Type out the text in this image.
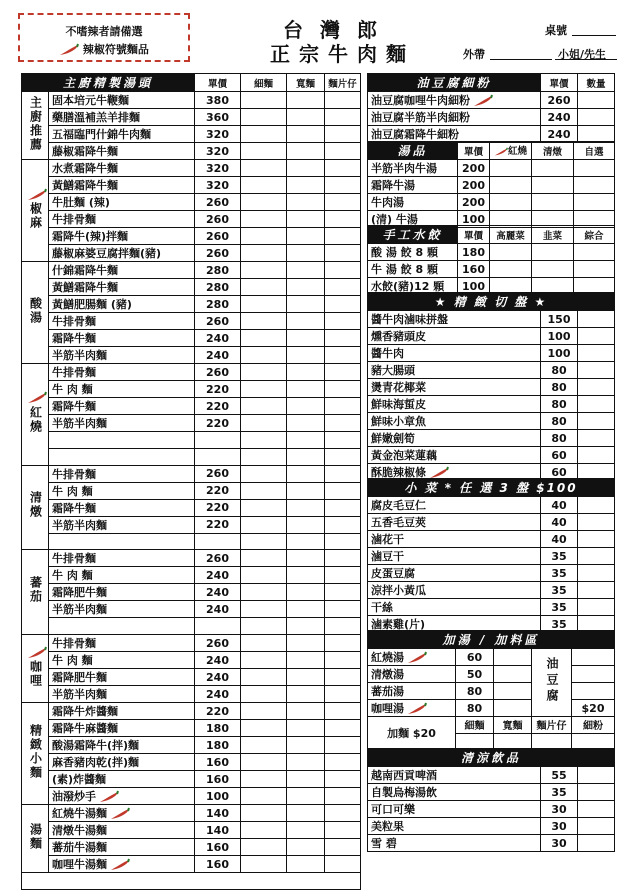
不嗜辣者請備選
辣椒符號麵品
台灣郎
正宗牛肉麵
桌號
外帶	小姐/先生
主廚精製湯頭		單價	細麵	寬麵	麵片仔
主廚推薦	固本培元牛鞭麵	380			
	藥膳溫補羔羊排麵	360			
	五福臨門什錦牛肉麵	320			
	藤椒霜降牛麵	320			

椒麻	水煮霜降牛麵	320			
	黃鱔霜降牛麵	320			
	牛肚麵 (辣)	260			
	牛排骨麵	260			
	霜降牛(辣)拌麵	260			
	藤椒麻婆豆腐拌麵(豬)	260			
酸湯	什錦霜降牛麵	280			
	黃鱔霜降牛麵	280			
	黃鱔肥腸麵 (豬)	280			
	牛排骨麵	260			
	霜降牛麵	240			
	半筋半肉麵	240			

紅燒	牛排骨麵	260			
	牛 肉 麵	220			
	霜降牛麵	220			
	半筋半肉麵	220			

清燉	牛排骨麵	260			
	牛 肉 麵	220			
	霜降牛麵	220			
	半筋半肉麵	220			

蕃茄	牛排骨麵	260			
	牛 肉 麵	240			
	霜降肥牛麵	240			
	半筋半肉麵	240			

咖哩	牛排骨麵	260			
	牛 肉 麵	240			
	霜降肥牛麵	240			
	半筋半肉麵	240			
精緻小麵	霜降牛炸醬麵	220			
	霜降牛麻醬麵	180			
	酸湯霜降牛(拌)麵	180			
	麻香豬肉乾(拌)麵	160			
	(素)炸醬麵	160			
	油潑炒手	100			
湯麵	紅燒牛湯麵	140			
	清燉牛湯麵	140			
	蕃茄牛湯麵	160			
	咖哩牛湯麵	160			

油豆腐細粉	單價	數量
油豆腐咖哩牛肉細粉	260	
油豆腐半筋半肉細粉	240	
油豆腐霜降牛細粉	240	
湯品	單價	紅燒	清燉	自選
半筋半肉牛湯	200			
霜降牛湯	200			
牛肉湯	200			
(清) 牛湯	100			
手工水餃	單價	高麗菜	韭菜	綜合
酸 湯 餃 8 顆	180			
牛 湯 餃 8 顆	160			
水餃(豬)12 顆	100			
★ 精 緻 切 盤 ★		
醬牛肉滷味拼盤	150	
燻香豬頭皮	100	
醬牛肉	100	
豬大腸頭	80	
燙青花椰菜	80	
鮮味海蜇皮	80	
鮮味小章魚	80	
鮮嫩劍筍	80	
黃金泡菜蓮藕	60	
酥脆辣椒條	60	
小 菜 * 任 選 3 盤 $100		
腐皮毛豆仁	40	
五香毛豆莢	40	
滷花干	40	
滷豆干	35	
皮蛋豆腐	35	
涼拌小黃瓜	35	
干絲	35	
滷素雞(片)	35	
加湯 / 加料區				
紅燒湯	60		油豆腐	
清燉湯	50			
蕃茄湯	80			
咖哩湯	80			$20
加麵 $20	細麵	寬麵	麵片仔	細粉

清涼飲品		
越南西貢啤酒	55	
自製烏梅湯飲	35	
可口可樂	30	
美粒果	30	
雪 碧	30	
